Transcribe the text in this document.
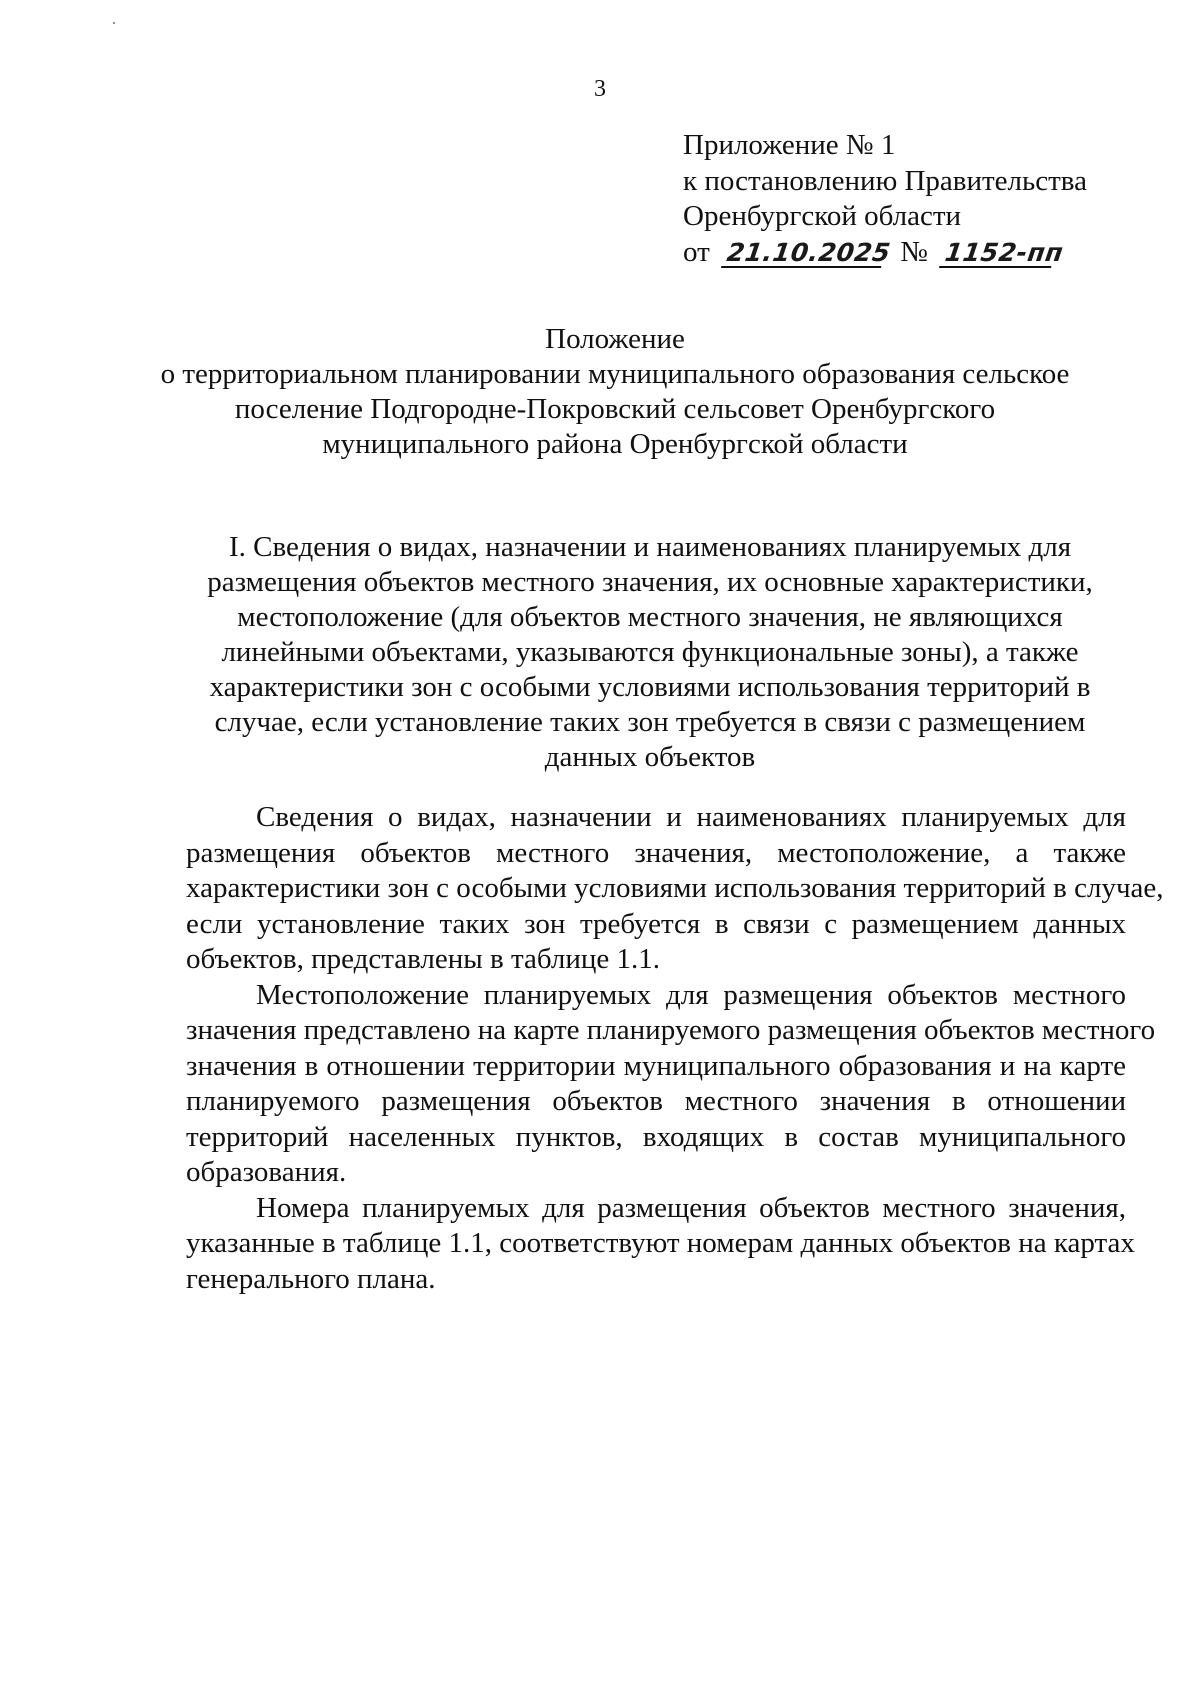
3
Приложение № 1
к постановлению Правительства
Оренбургской области
от 21.10.2025 № 1152-пп
Положение
о территориальном планировании муниципального образования сельское
поселение Подгородне-Покровский сельсовет Оренбургского
муниципального района Оренбургской области
I. Сведения о видах, назначении и наименованиях планируемых для
размещения объектов местного значения, их основные характеристики,
местоположение (для объектов местного значения, не являющихся
линейными объектами, указываются функциональные зоны), а также
характеристики зон с особыми условиями использования территорий в
случае, если установление таких зон требуется в связи с размещением
данных объектов
Сведения о видах, назначении и наименованиях планируемых для
размещения объектов местного значения, местоположение, а также
характеристики зон с особыми условиями использования территорий в случае,
если установление таких зон требуется в связи с размещением данных
объектов, представлены в таблице 1.1.
Местоположение планируемых для размещения объектов местного
значения представлено на карте планируемого размещения объектов местного
значения в отношении территории муниципального образования и на карте
планируемого размещения объектов местного значения в отношении
территорий населенных пунктов, входящих в состав муниципального
образования.
Номера планируемых для размещения объектов местного значения,
указанные в таблице 1.1, соответствуют номерам данных объектов на картах
генерального плана.
